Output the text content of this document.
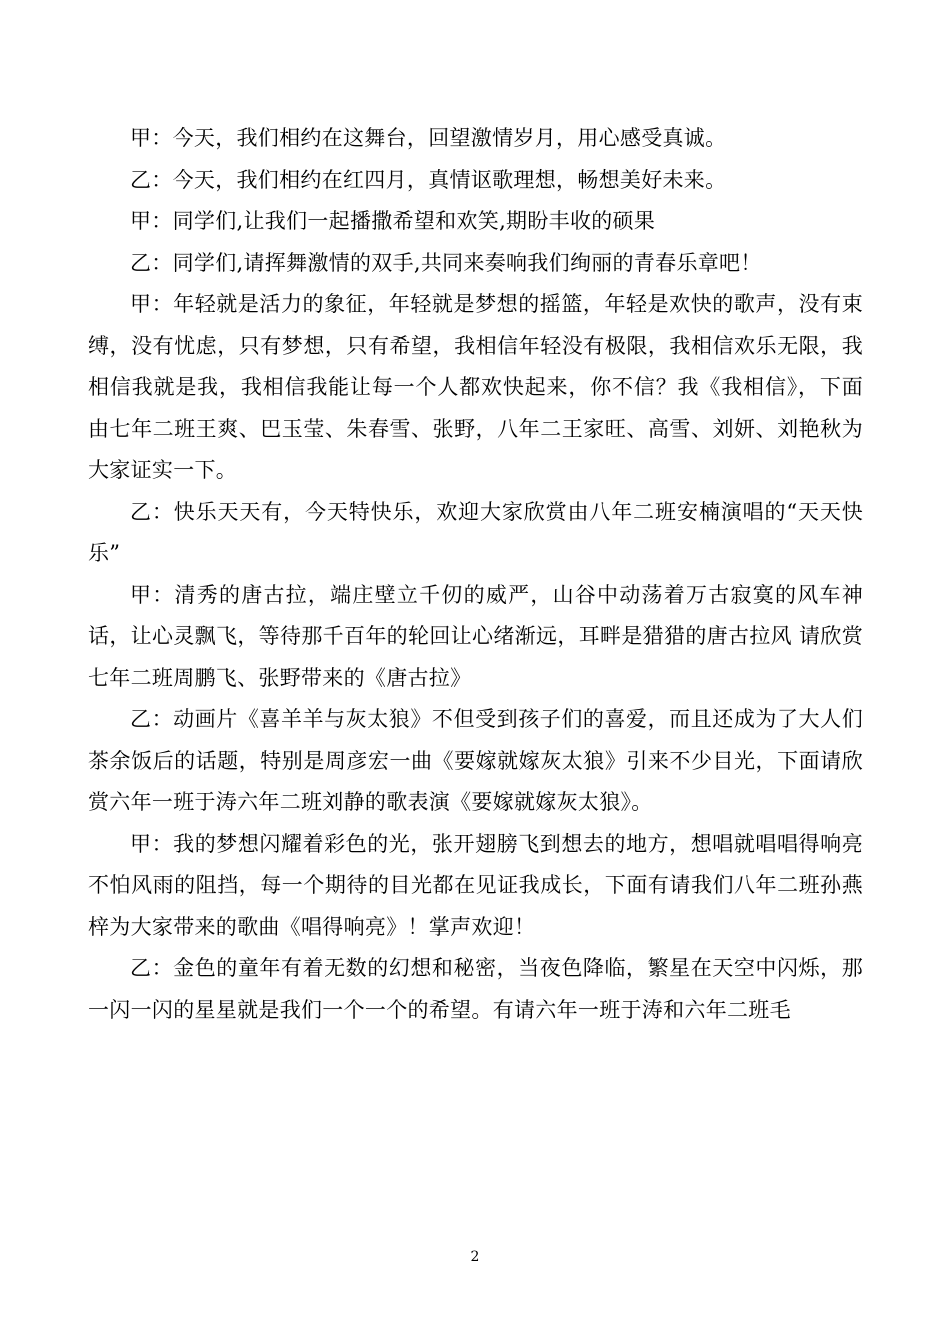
甲：今天，我们相约在这舞台，回望激情岁月，用心感受真诚。

乙：今天，我们相约在红四月，真情讴歌理想，畅想美好未来。

甲：同学们,让我们一起播撒希望和欢笑,期盼丰收的硕果

乙：同学们,请挥舞激情的双手,共同来奏响我们绚丽的青春乐章吧！

甲：年轻就是活力的象征，年轻就是梦想的摇篮，年轻是欢快的歌声，没有束缚，没有忧虑，只有梦想，只有希望，我相信年轻没有极限，我相信欢乐无限，我相信我就是我，我相信我能让每一个人都欢快起来，你不信？我《我相信》，下面由七年二班王爽、巴玉莹、朱春雪、张野，八年二王家旺、高雪、刘妍、刘艳秋为大家证实一下。

乙：快乐天天有，今天特快乐，欢迎大家欣赏由八年二班安楠演唱的“天天快乐”

甲：清秀的唐古拉，端庄壁立千仞的威严，山谷中动荡着万古寂寞的风车神话，让心灵飘飞，等待那千百年的轮回让心绪渐远，耳畔是猎猎的唐古拉风 请欣赏七年二班周鹏飞、张野带来的《唐古拉》

乙：动画片《喜羊羊与灰太狼》不但受到孩子们的喜爱，而且还成为了大人们茶余饭后的话题，特别是周彦宏一曲《要嫁就嫁灰太狼》引来不少目光，下面请欣赏六年一班于涛六年二班刘静的歌表演《要嫁就嫁灰太狼》。

甲：我的梦想闪耀着彩色的光，张开翅膀飞到想去的地方，想唱就唱唱得响亮不怕风雨的阻挡，每一个期待的目光都在见证我成长，下面有请我们八年二班孙燕梓为大家带来的歌曲《唱得响亮》！掌声欢迎！

乙：金色的童年有着无数的幻想和秘密，当夜色降临，繁星在天空中闪烁，那一闪一闪的星星就是我们一个一个的希望。有请六年一班于涛和六年二班毛

2
